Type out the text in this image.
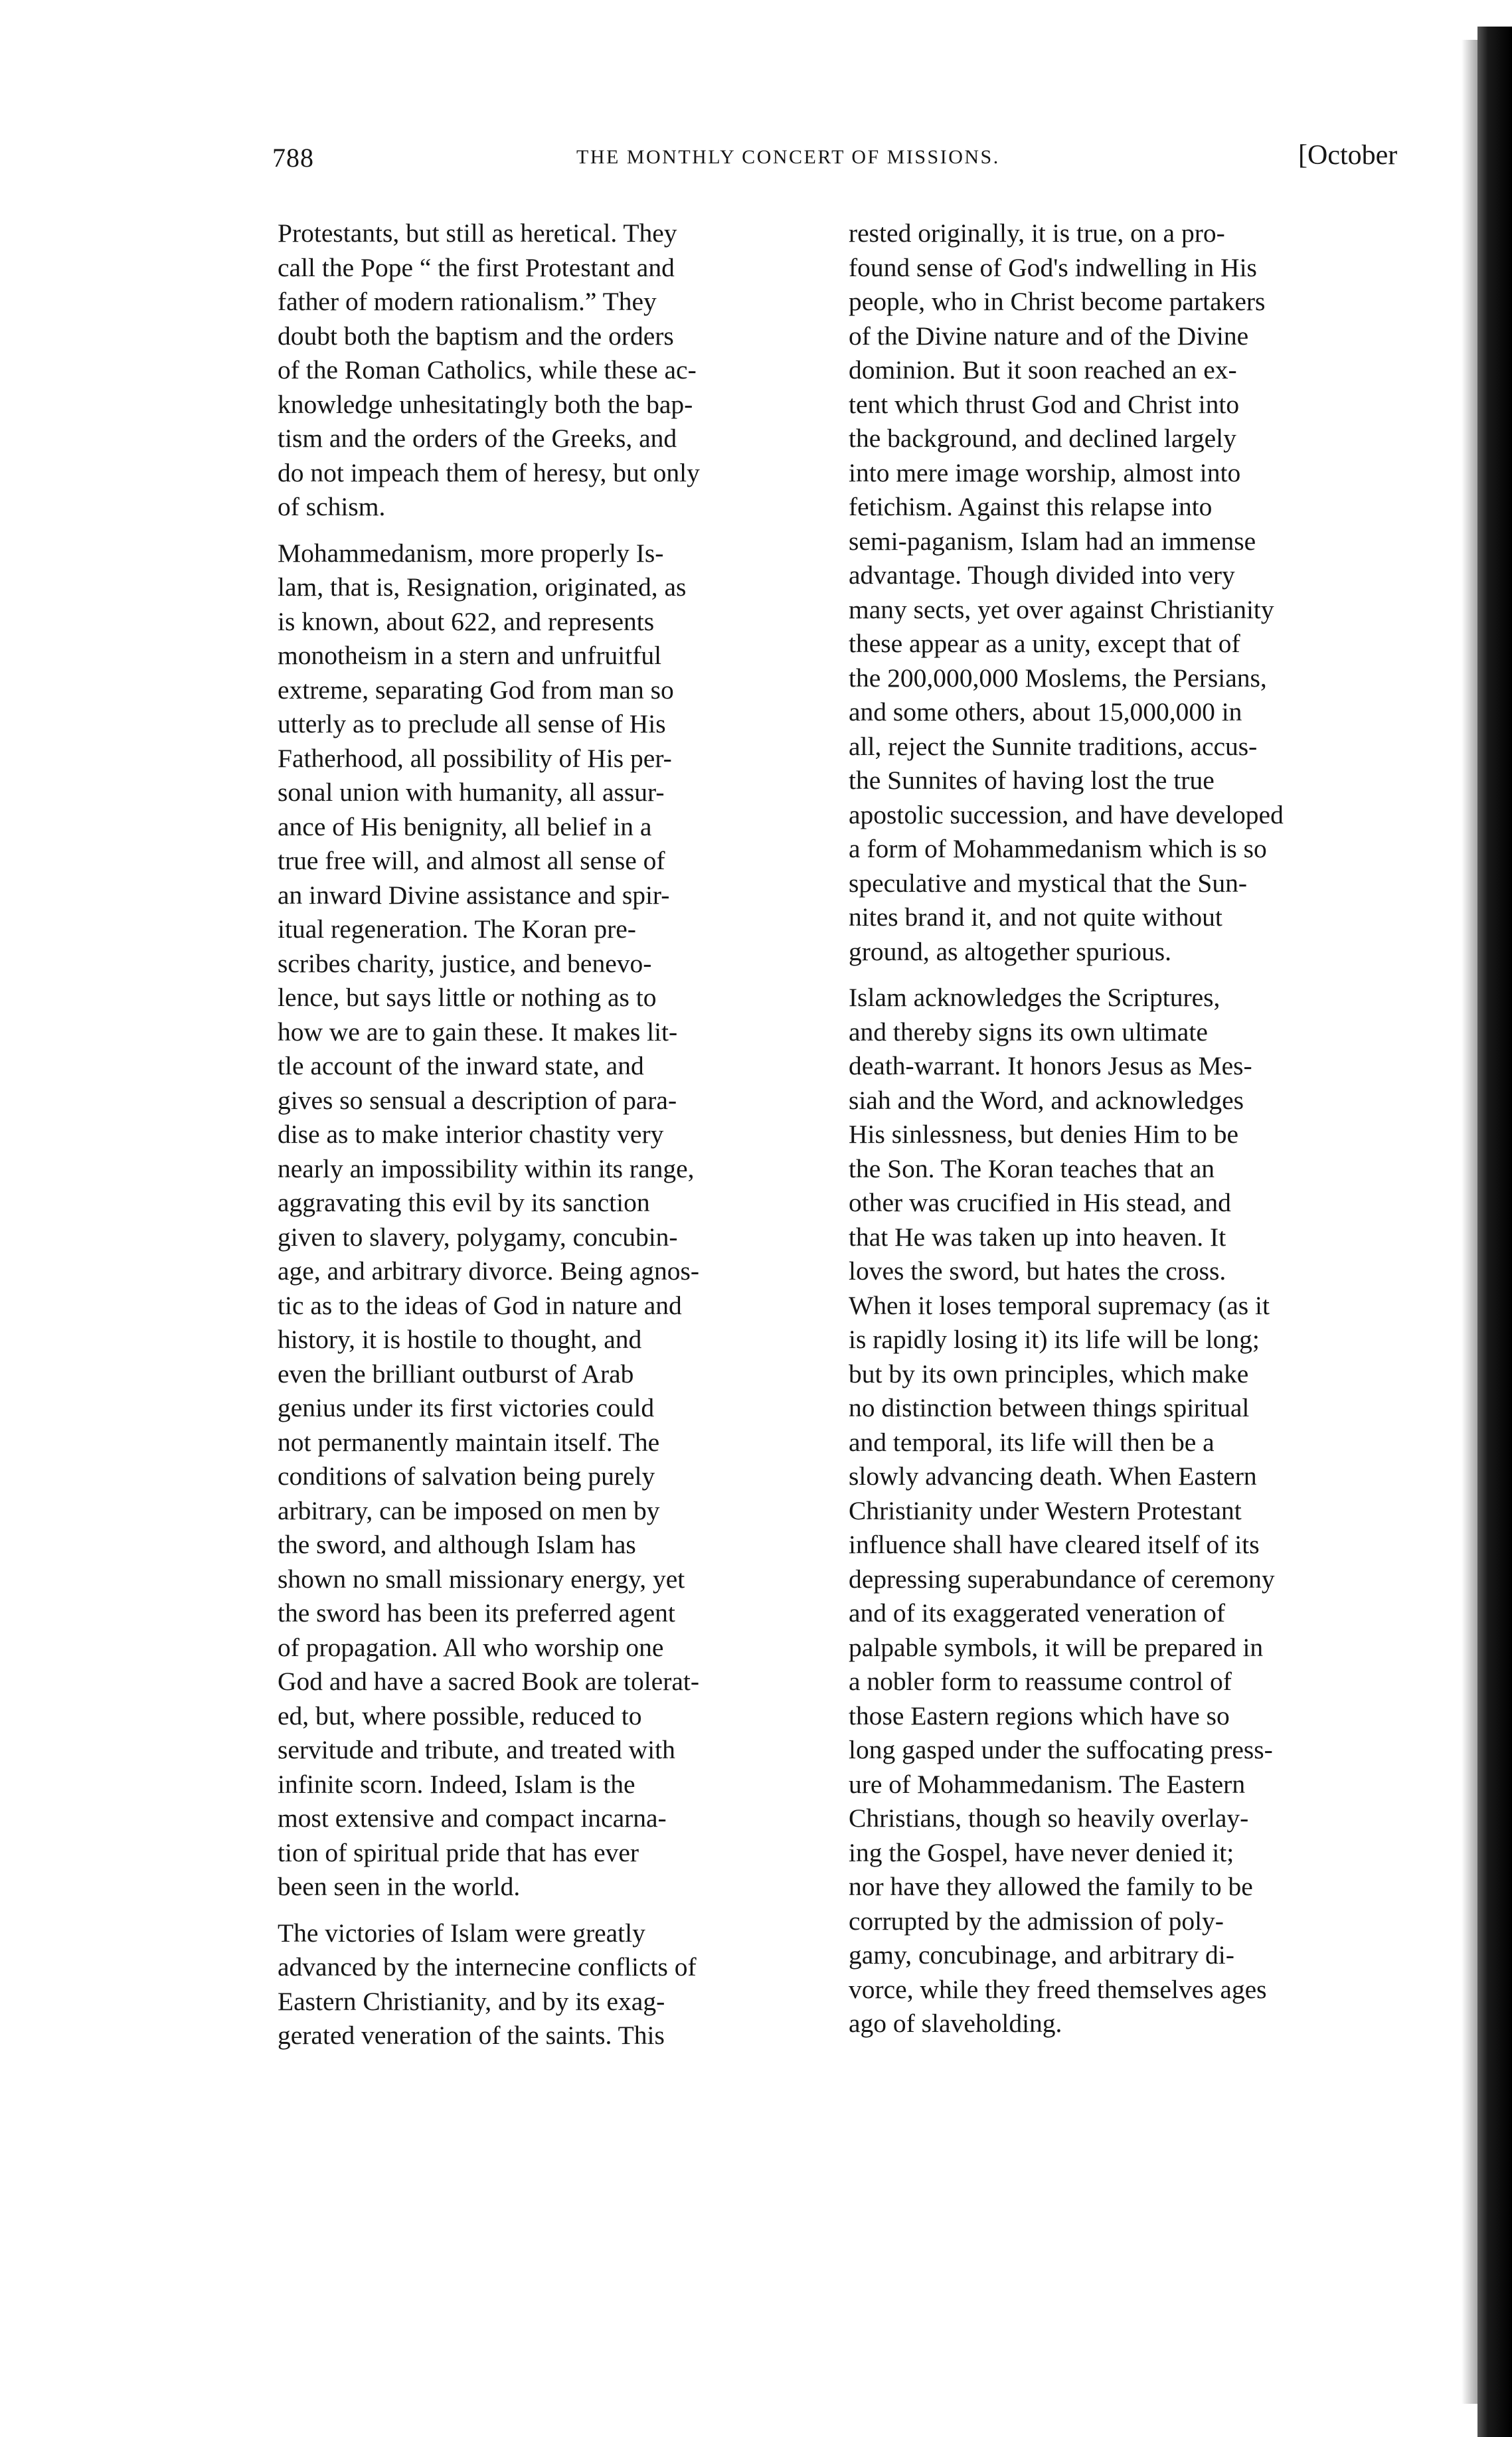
788	THE MONTHLY CONCERT OF MISSIONS.	[October
Protestants, but still as heretical. They
call the Pope “ the first Protestant and
father of modern rationalism.” They
doubt both the baptism and the orders
of the Roman Catholics, while these ac-
knowledge unhesitatingly both the bap-
tism and the orders of the Greeks, and
do not impeach them of heresy, but only
of schism.
Mohammedanism, more properly Is-
lam, that is, Resignation, originated, as
is known, about 622, and represents
monotheism in a stern and unfruitful
extreme, separating God from man so
utterly as to preclude all sense of His
Fatherhood, all possibility of His per-
sonal union with humanity, all assur-
ance of His benignity, all belief in a
true free will, and almost all sense of
an inward Divine assistance and spir-
itual regeneration. The Koran pre-
scribes charity, justice, and benevo-
lence, but says little or nothing as to
how we are to gain these. It makes lit-
tle account of the inward state, and
gives so sensual a description of para-
dise as to make interior chastity very
nearly an impossibility within its range,
aggravating this evil by its sanction
given to slavery, polygamy, concubin-
age, and arbitrary divorce. Being agnos-
tic as to the ideas of God in nature and
history, it is hostile to thought, and
even the brilliant outburst of Arab
genius under its first victories could
not permanently maintain itself. The
conditions of salvation being purely
arbitrary, can be imposed on men by
the sword, and although Islam has
shown no small missionary energy, yet
the sword has been its preferred agent
of propagation. All who worship one
God and have a sacred Book are tolerat-
ed, but, where possible, reduced to
servitude and tribute, and treated with
infinite scorn. Indeed, Islam is the
most extensive and compact incarna-
tion of spiritual pride that has ever
been seen in the world.
The victories of Islam were greatly
advanced by the internecine conflicts of
Eastern Christianity, and by its exag-
gerated veneration of the saints. This
rested originally, it is true, on a pro-
found sense of God's indwelling in His
people, who in Christ become partakers
of the Divine nature and of the Divine
dominion. But it soon reached an ex-
tent which thrust God and Christ into
the background, and declined largely
into mere image worship, almost into
fetichism. Against this relapse into
semi-paganism, Islam had an immense
advantage. Though divided into very
many sects, yet over against Christianity
these appear as a unity, except that of
the 200,000,000 Moslems, the Persians,
and some others, about 15,000,000 in
all, reject the Sunnite traditions, accus-
the Sunnites of having lost the true
apostolic succession, and have developed
a form of Mohammedanism which is so
speculative and mystical that the Sun-
nites brand it, and not quite without
ground, as altogether spurious.
Islam acknowledges the Scriptures,
and thereby signs its own ultimate
death-warrant. It honors Jesus as Mes-
siah and the Word, and acknowledges
His sinlessness, but denies Him to be
the Son. The Koran teaches that an
other was crucified in His stead, and
that He was taken up into heaven. It
loves the sword, but hates the cross.
When it loses temporal supremacy (as it
is rapidly losing it) its life will be long;
but by its own principles, which make
no distinction between things spiritual
and temporal, its life will then be a
slowly advancing death. When Eastern
Christianity under Western Protestant
influence shall have cleared itself of its
depressing superabundance of ceremony
and of its exaggerated veneration of
palpable symbols, it will be prepared in
a nobler form to reassume control of
those Eastern regions which have so
long gasped under the suffocating press-
ure of Mohammedanism. The Eastern
Christians, though so heavily overlay-
ing the Gospel, have never denied it;
nor have they allowed the family to be
corrupted by the admission of poly-
gamy, concubinage, and arbitrary di-
vorce, while they freed themselves ages
ago of slaveholding.
